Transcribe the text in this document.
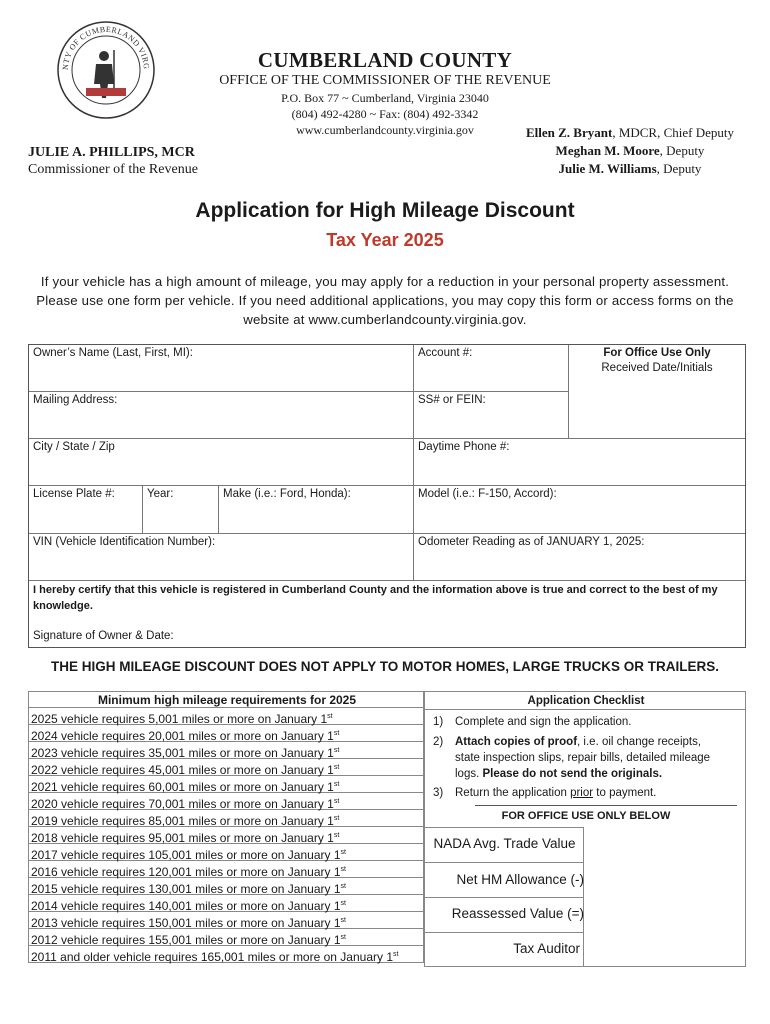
NTY OF CUMBERLAND VIRG	CUMBERLAND COUNTY
OFFICE OF THE COMMISSIONER OF THE REVENUE
P.O. Box 77 ~ Cumberland, Virginia 23040
(804) 492-4280 ~ Fax: (804) 492-3342
www.cumberlandcounty.virginia.gov
JULIE A. PHILLIPS, MCR
Commissioner of the Revenue
Ellen Z. Bryant, MDCR, Chief Deputy
Meghan M. Moore, Deputy
Julie M. Williams, Deputy
Application for High Mileage Discount
Tax Year 2025
If your vehicle has a high amount of mileage, you may apply for a reduction in your personal property assessment. Please use one form per vehicle. If you need additional applications, you may copy this form or access forms on the website at www.cumberlandcounty.virginia.gov.
Owner’s Name (Last, First, MI):	Account #:	For Office Use Only
Received Date/Initials
Mailing Address:	SS# or FEIN:
City / State / Zip	Daytime Phone #:
License Plate #:	Year:	Make (i.e.: Ford, Honda):	Model (i.e.: F-150, Accord):
VIN (Vehicle Identification Number):	Odometer Reading as of JANUARY 1, 2025:
I hereby certify that this vehicle is registered in Cumberland County and the information above is true and correct to the best of my knowledge.
Signature of Owner & Date:
THE HIGH MILEAGE DISCOUNT DOES NOT APPLY TO MOTOR HOMES, LARGE TRUCKS OR TRAILERS.
Minimum high mileage requirements for 2025
2025 vehicle requires 5,001 miles or more on January 1st
2024 vehicle requires 20,001 miles or more on January 1st
2023 vehicle requires 35,001 miles or more on January 1st
2022 vehicle requires 45,001 miles or more on January 1st
2021 vehicle requires 60,001 miles or more on January 1st
2020 vehicle requires 70,001 miles or more on January 1st
2019 vehicle requires 85,001 miles or more on January 1st
2018 vehicle requires 95,001 miles or more on January 1st
2017 vehicle requires 105,001 miles or more on January 1st
2016 vehicle requires 120,001 miles or more on January 1st
2015 vehicle requires 130,001 miles or more on January 1st
2014 vehicle requires 140,001 miles or more on January 1st
2013 vehicle requires 150,001 miles or more on January 1st
2012 vehicle requires 155,001 miles or more on January 1st
2011 and older vehicle requires 165,001 miles or more on January 1st
Application Checklist
1) Complete and sign the application.
2) Attach copies of proof, i.e. oil change receipts,
state inspection slips, repair bills, detailed mileage
logs. Please do not send the originals.
3) Return the application prior to payment.
FOR OFFICE USE ONLY BELOW
NADA Avg. Trade Value
Net HM Allowance (-)
Reassessed Value (=)
Tax Auditor
